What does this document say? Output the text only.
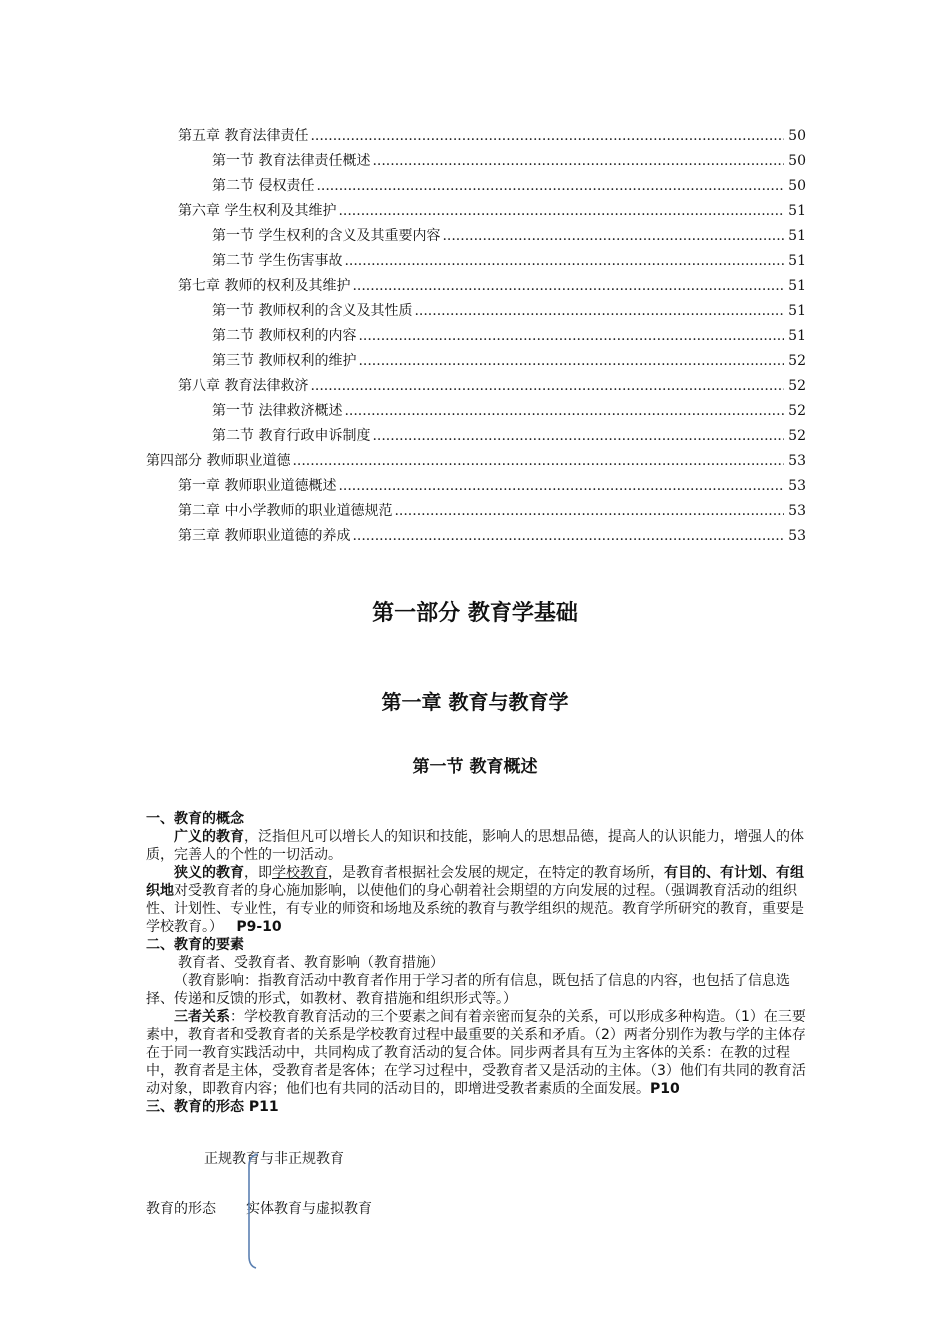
第五章 教育法律责任 .....	50
第一节 教育法律责任概述 .....	50
第二节 侵权责任 .....	50
第六章 学生权利及其维护 .....	51
第一节 学生权利的含义及其重要内容 .....	51
第二节 学生伤害事故 .....	51
第七章 教师的权利及其维护 .....	51
第一节 教师权利的含义及其性质 .....	51
第二节 教师权利的内容 .....	51
第三节 教师权利的维护 .....	52
第八章 教育法律救济 .....	52
第一节 法律救济概述 .....	52
第二节 教育行政申诉制度 .....	52
第四部分 教师职业道德 .....	53
第一章 教师职业道德概述 .....	53
第二章 中小学教师的职业道德规范 .....	53
第三章 教师职业道德的养成 .....	53
第一部分 教育学基础
第一章 教育与教育学
第一节 教育概述

一、教育的概念

广义的教育，泛指但凡可以增长人的知识和技能，影响人的思想品德，提高人的认识能力，增强人的体质，完善人的个性的一切活动。

狭义的教育，即学校教育，是教育者根据社会发展的规定，在特定的教育场所，有目的、有计划、有组织地对受教育者的身心施加影响，以使他们的身心朝着社会期望的方向发展的过程。（强调教育活动的组织性、计划性、专业性，有专业的师资和场地及系统的教育与教学组织的规范。教育学所研究的教育，重要是学校教育。） P9-10

二、教育的要素

教育者、受教育者、教育影响（教育措施）

（教育影响：指教育活动中教育者作用于学习者的所有信息，既包括了信息的内容，也包括了信息选择、传递和反馈的形式，如教材、教育措施和组织形式等。）

三者关系：学校教育教育活动的三个要素之间有着亲密而复杂的关系，可以形成多种构造。（1）在三要素中，教育者和受教育者的关系是学校教育过程中最重要的关系和矛盾。（2）两者分别作为教与学的主体存在于同一教育实践活动中，共同构成了教育活动的复合体。同步两者具有互为主客体的关系：在教的过程中，教育者是主体，受教育者是客体；在学习过程中，受教育者又是活动的主体。（3）他们有共同的教育活动对象，即教育内容；他们也有共同的活动目的，即增进受教者素质的全面发展。P10

三、教育的形态 P11

正规教育与非正规教育
教育的形态 实体教育与虚拟教育
